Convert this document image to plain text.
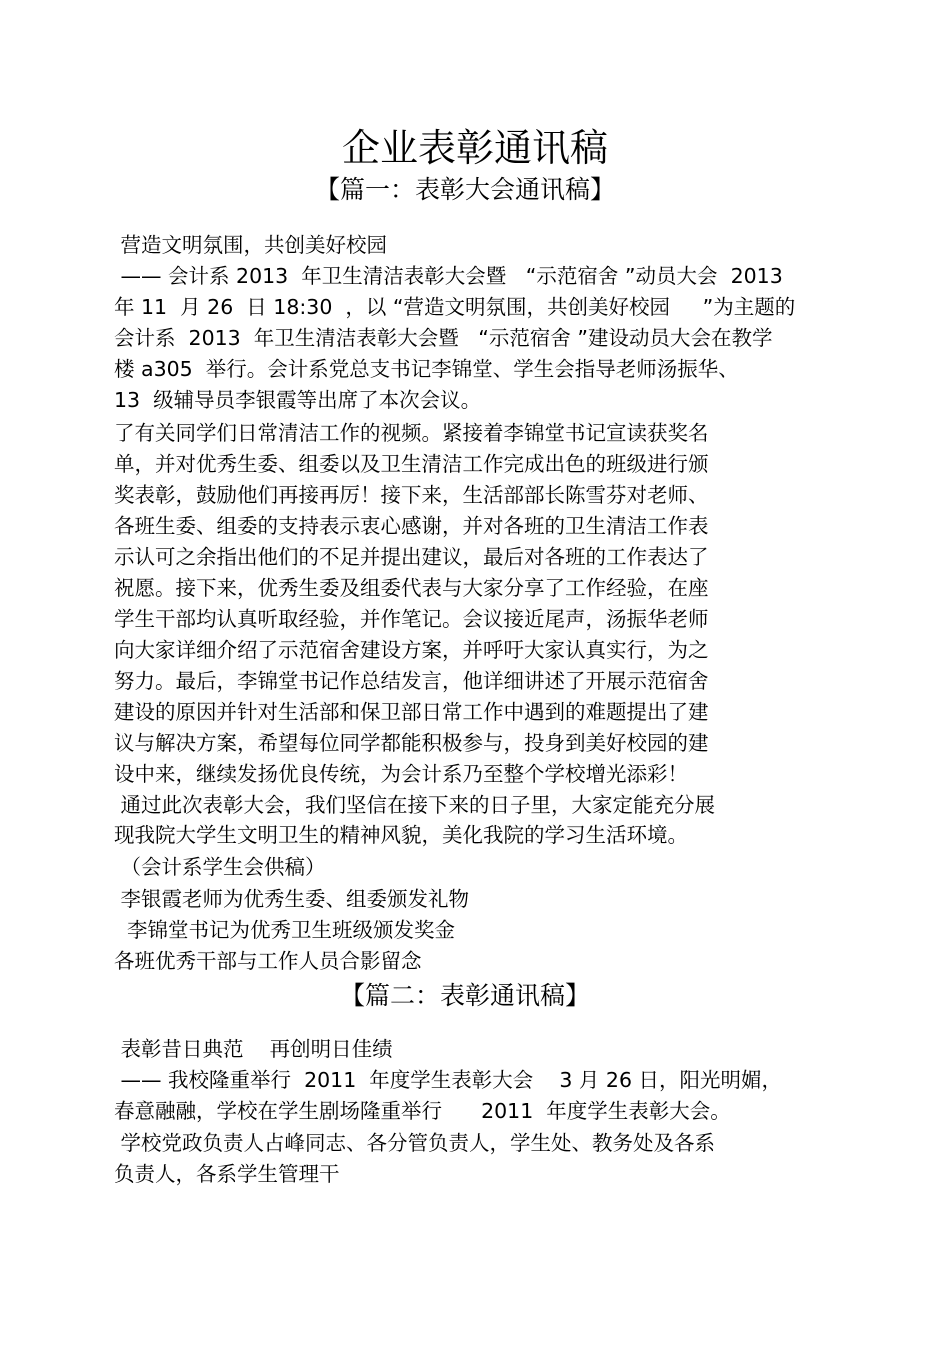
企业表彰通讯稿
【篇一：表彰大会通讯稿】
营造文明氛围，共创美好校园
—— 会计系 2013  年卫生清洁表彰大会暨   “示范宿舍 ”动员大会  2013
年 11  月 26  日 18:30  ，以 “营造文明氛围，共创美好校园     ”为主题的
会计系  2013  年卫生清洁表彰大会暨   “示范宿舍 ”建设动员大会在教学
楼 a305  举行。会计系党总支书记李锦堂、学生会指导老师汤振华、
13  级辅导员李银霞等出席了本次会议。
了有关同学们日常清洁工作的视频。紧接着李锦堂书记宣读获奖名
单，并对优秀生委、组委以及卫生清洁工作完成出色的班级进行颁
奖表彰，鼓励他们再接再厉！接下来，生活部部长陈雪芬对老师、
各班生委、组委的支持表示衷心感谢，并对各班的卫生清洁工作表
示认可之余指出他们的不足并提出建议，最后对各班的工作表达了
祝愿。接下来，优秀生委及组委代表与大家分享了工作经验，在座
学生干部均认真听取经验，并作笔记。会议接近尾声，汤振华老师
向大家详细介绍了示范宿舍建设方案，并呼吁大家认真实行，为之
努力。最后，李锦堂书记作总结发言，他详细讲述了开展示范宿舍
建设的原因并针对生活部和保卫部日常工作中遇到的难题提出了建
议与解决方案，希望每位同学都能积极参与，投身到美好校园的建
设中来，继续发扬优良传统，为会计系乃至整个学校增光添彩！
通过此次表彰大会，我们坚信在接下来的日子里，大家定能充分展
现我院大学生文明卫生的精神风貌，美化我院的学习生活环境。
（会计系学生会供稿）
李银霞老师为优秀生委、组委颁发礼物
李锦堂书记为优秀卫生班级颁发奖金
各班优秀干部与工作人员合影留念
【篇二：表彰通讯稿】
表彰昔日典范    再创明日佳绩
—— 我校隆重举行  2011  年度学生表彰大会    3 月 26 日，阳光明媚，
春意融融，学校在学生剧场隆重举行      2011  年度学生表彰大会。
学校党政负责人占峰同志、各分管负责人，学生处、教务处及各系
负责人，各系学生管理干
